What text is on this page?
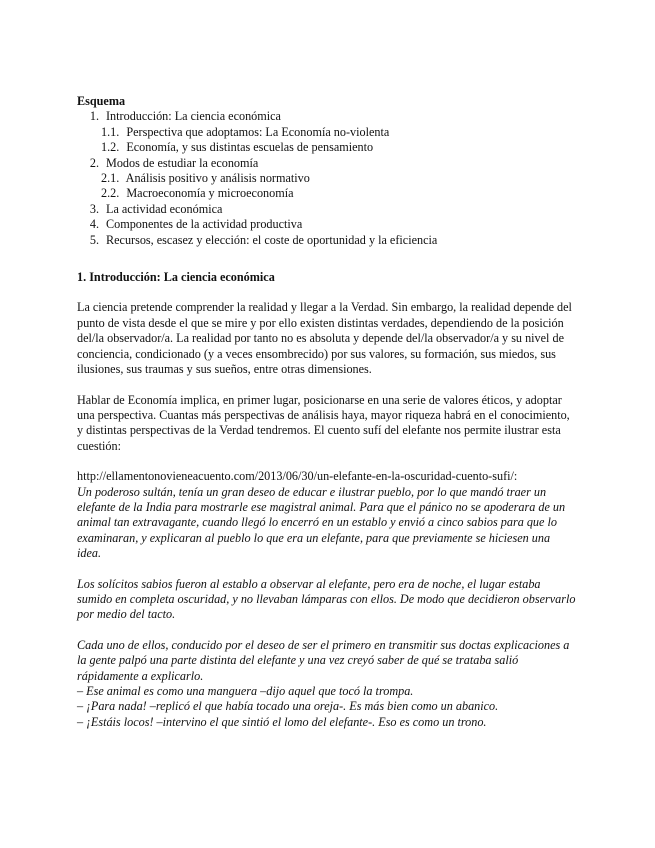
Esquema
1. Introducción: La ciencia económica
1.1. Perspectiva que adoptamos: La Economía no-violenta
1.2. Economía, y sus distintas escuelas de pensamiento
2. Modos de estudiar la economía
2.1. Análisis positivo y análisis normativo
2.2. Macroeconomía y microeconomía
3. La actividad económica
4. Componentes de la actividad productiva
5. Recursos, escasez y elección: el coste de oportunidad y la eficiencia
1. Introducción: La ciencia económica

La ciencia pretende comprender la realidad y llegar a la Verdad. Sin embargo, la realidad depende del punto de vista desde el que se mire y por ello existen distintas verdades, dependiendo de la posición del/la observador/a. La realidad por tanto no es absoluta y depende del/la observador/a y su nivel de conciencia, condicionado (y a veces ensombrecido) por sus valores, su formación, sus miedos, sus ilusiones, sus traumas y sus sueños, entre otras dimensiones.

Hablar de Economía implica, en primer lugar, posicionarse en una serie de valores éticos, y adoptar una perspectiva. Cuantas más perspectivas de análisis haya, mayor riqueza habrá en el conocimiento, y distintas perspectivas de la Verdad tendremos. El cuento sufí del elefante nos permite ilustrar esta cuestión:

http://ellamentonovieneacuento.com/2013/06/30/un-elefante-en-la-oscuridad-cuento-sufi/:

Un poderoso sultán, tenía un gran deseo de educar e ilustrar pueblo, por lo que mandó traer un elefante de la India para mostrarle ese magistral animal. Para que el pánico no se apoderara de un animal tan extravagante, cuando llegó lo encerró en un establo y envió a cinco sabios para que lo examinaran, y explicaran al pueblo lo que era un elefante, para que previamente se hiciesen una idea.

Los solícitos sabios fueron al establo a observar al elefante, pero era de noche, el lugar estaba sumido en completa oscuridad, y no llevaban lámparas con ellos. De modo que decidieron observarlo por medio del tacto.

Cada uno de ellos, conducido por el deseo de ser el primero en transmitir sus doctas explicaciones a la gente palpó una parte distinta del elefante y una vez creyó saber de qué se trataba salió rápidamente a explicarlo.

– Ese animal es como una manguera –dijo aquel que tocó la trompa.

– ¡Para nada! –replicó el que había tocado una oreja-. Es más bien como un abanico.

– ¡Estáis locos! –intervino el que sintió el lomo del elefante-. Eso es como un trono.
